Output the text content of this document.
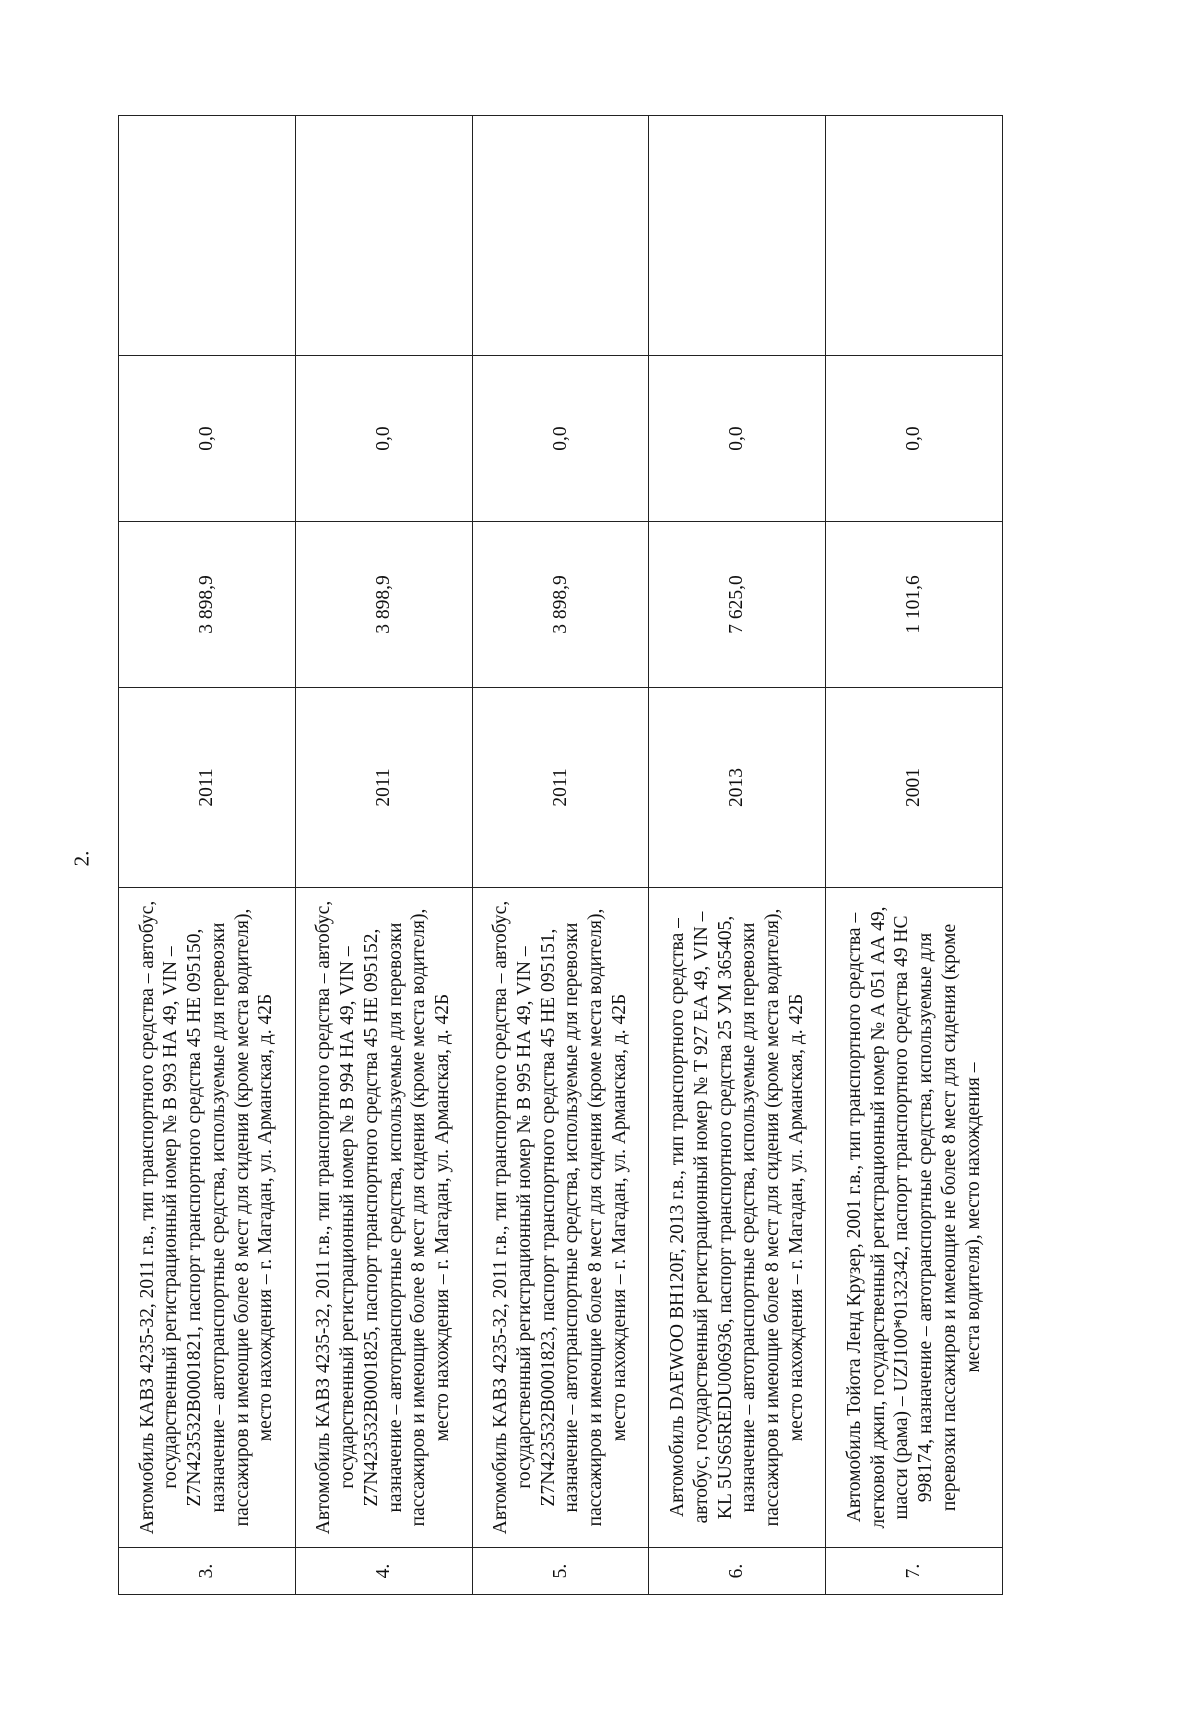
2.
3.	Автомобиль КАВЗ 4235-32, 2011 г.в., тип транспортного средства – автобус, государственный регистрационный номер № В 993 НА 49, VIN – Z7N423532B0001821, паспорт транспортного средства 45 НЕ 095150, назначение – автотранспортные средства, используемые для перевозки пассажиров и имеющие более 8 мест для сидения (кроме места водителя), место нахождения – г. Магадан, ул. Арманская, д. 42Б	2011	3 898,9	0,0	
4.	Автомобиль КАВЗ 4235-32, 2011 г.в., тип транспортного средства – автобус, государственный регистрационный номер № В 994 НА 49, VIN – Z7N423532B0001825, паспорт транспортного средства 45 НЕ 095152, назначение – автотранспортные средства, используемые для перевозки пассажиров и имеющие более 8 мест для сидения (кроме места водителя), место нахождения – г. Магадан, ул. Арманская, д. 42Б	2011	3 898,9	0,0	
5.	Автомобиль КАВЗ 4235-32, 2011 г.в., тип транспортного средства – автобус, государственный регистрационный номер № В 995 НА 49, VIN – Z7N423532B0001823, паспорт транспортного средства 45 НЕ 095151, назначение – автотранспортные средства, используемые для перевозки пассажиров и имеющие более 8 мест для сидения (кроме места водителя), место нахождения – г. Магадан, ул. Арманская, д. 42Б	2011	3 898,9	0,0	
6.	Автомобиль DAEWOO BH120F, 2013 г.в., тип транспортного средства – автобус, государственный регистрационный номер № Т 927 ЕА 49, VIN – KL 5US65REDU006936, паспорт транспортного средства 25 УМ 365405, назначение – автотранспортные средства, используемые для перевозки пассажиров и имеющие более 8 мест для сидения (кроме места водителя), место нахождения – г. Магадан, ул. Арманская, д. 42Б	2013	7 625,0	0,0	
7.	Автомобиль Тойота Ленд Крузер, 2001 г.в., тип транспортного средства – легковой джип, государственный регистрационный номер № А 051 АА 49, шасси (рама) – UZJ100*0132342, паспорт транспортного средства 49 НС 998174, назначение – автотранспортные средства, используемые для перевозки пассажиров и имеющие не более 8 мест для сидения (кроме места водителя), место нахождения –	2001	1 101,6	0,0	
